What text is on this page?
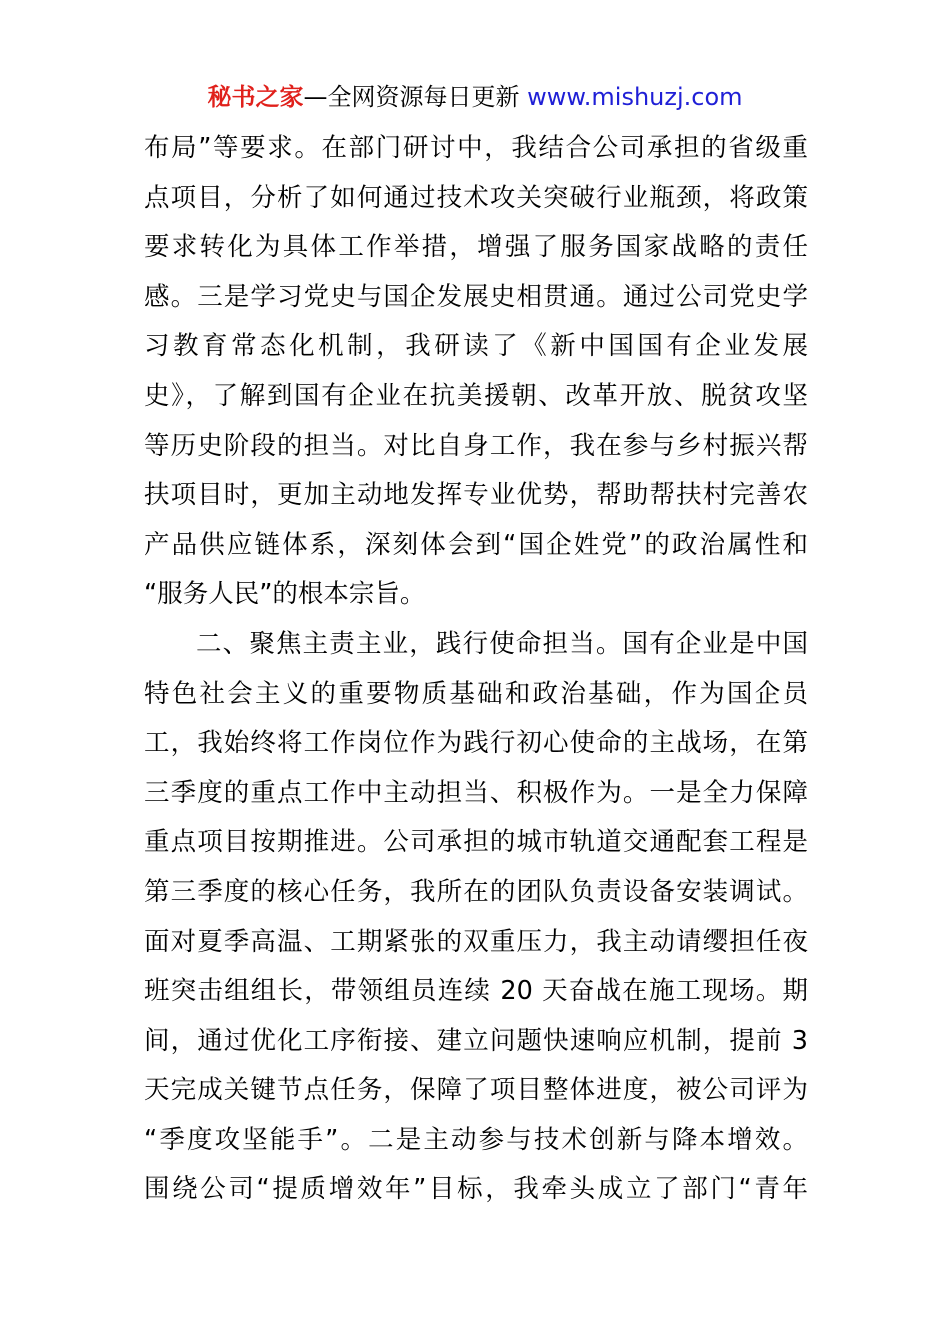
秘书之家—全网资源每日更新 www.mishuzj.com
布局”等要求。在部门研讨中，我结合公司承担的省级重
点项目，分析了如何通过技术攻关突破行业瓶颈，将政策
要求转化为具体工作举措，增强了服务国家战略的责任
感。三是学习党史与国企发展史相贯通。通过公司党史学
习教育常态化机制，我研读了《新中国国有企业发展
史》，了解到国有企业在抗美援朝、改革开放、脱贫攻坚
等历史阶段的担当。对比自身工作，我在参与乡村振兴帮
扶项目时，更加主动地发挥专业优势，帮助帮扶村完善农
产品供应链体系，深刻体会到“国企姓党”的政治属性和
“服务人民”的根本宗旨。
二、聚焦主责主业，践行使命担当。国有企业是中国
特色社会主义的重要物质基础和政治基础，作为国企员
工，我始终将工作岗位作为践行初心使命的主战场，在第
三季度的重点工作中主动担当、积极作为。一是全力保障
重点项目按期推进。公司承担的城市轨道交通配套工程是
第三季度的核心任务，我所在的团队负责设备安装调试。
面对夏季高温、工期紧张的双重压力，我主动请缨担任夜
班突击组组长，带领组员连续 20 天奋战在施工现场。期
间，通过优化工序衔接、建立问题快速响应机制，提前 3
天完成关键节点任务，保障了项目整体进度，被公司评为
“季度攻坚能手”。二是主动参与技术创新与降本增效。
围绕公司“提质增效年”目标，我牵头成立了部门“青年
